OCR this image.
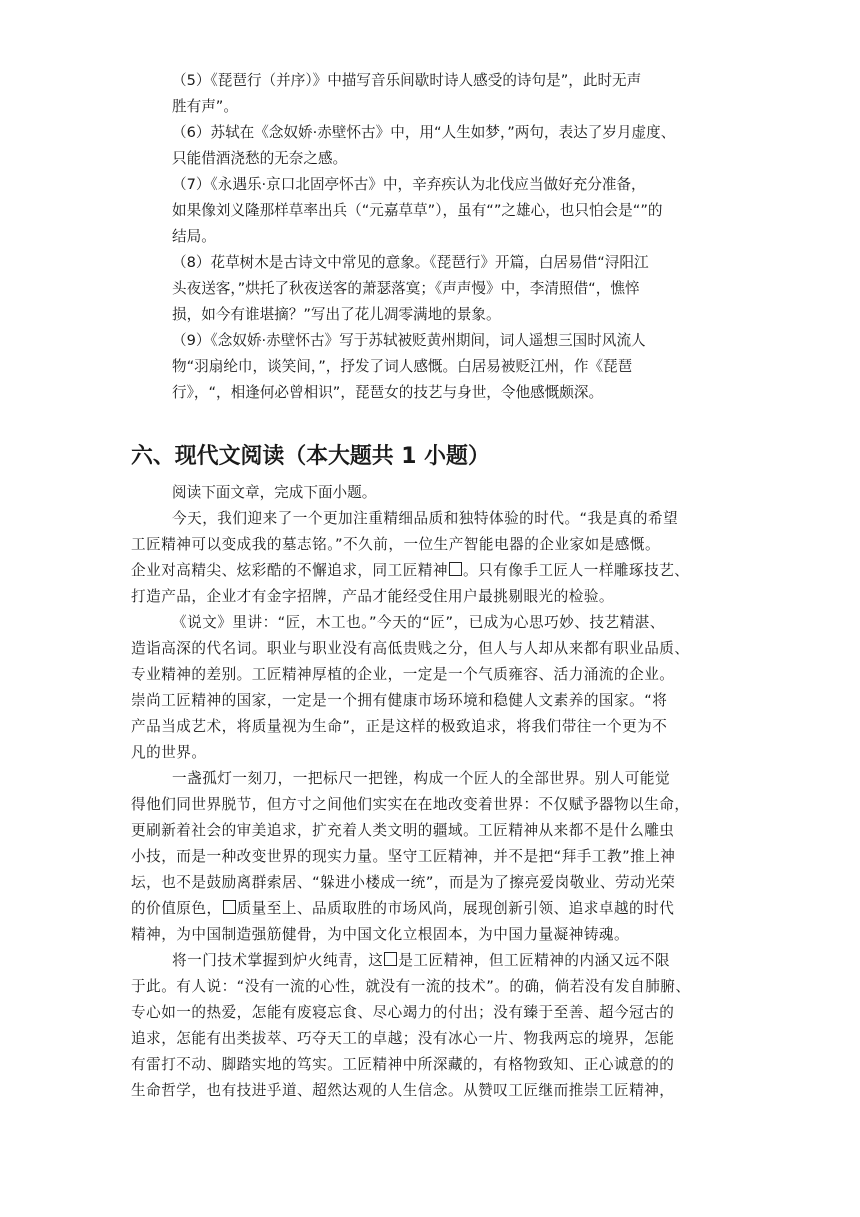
（5）《琵琶行（并序）》中描写音乐间歇时诗人感受的诗句是”，此时无声

胜有声”。

（6）苏轼在《念奴娇·赤壁怀古》中，用“人生如梦，”两句，表达了岁月虚度、

只能借酒浇愁的无奈之感。

（7）《永遇乐·京口北固亭怀古》中，辛弃疾认为北伐应当做好充分准备，

如果像刘义隆那样草率出兵（“元嘉草草”），虽有“”之雄心，也只怕会是“”的

结局。

（8）花草树木是古诗文中常见的意象。《琵琶行》开篇，白居易借“浔阳江

头夜送客，”烘托了秋夜送客的萧瑟落寞；《声声慢》中，李清照借“，憔悴

损，如今有谁堪摘？”写出了花儿凋零满地的景象。

（9）《念奴娇·赤壁怀古》写于苏轼被贬黄州期间，词人遥想三国时风流人

物“羽扇纶巾，谈笑间，”，抒发了词人感慨。白居易被贬江州，作《琵琶

行》，“，相逢何必曾相识”，琵琶女的技艺与身世，令他感慨颇深。

六、现代文阅读（本大题共 1 小题）

阅读下面文章，完成下面小题。

今天，我们迎来了一个更加注重精细品质和独特体验的时代。“我是真的希望

工匠精神可以变成我的墓志铭。”不久前，一位生产智能电器的企业家如是感慨。

企业对高精尖、炫彩酷的不懈追求，同工匠精神 。只有像手工匠人一样雕琢技艺、

打造产品，企业才有金字招牌，产品才能经受住用户最挑剔眼光的检验。

《说文》里讲：“匠，木工也。”今天的“匠”，已成为心思巧妙、技艺精湛、

造诣高深的代名词。职业与职业没有高低贵贱之分，但人与人却从来都有职业品质、

专业精神的差别。工匠精神厚植的企业，一定是一个气质雍容、活力涌流的企业。

崇尚工匠精神的国家，一定是一个拥有健康市场环境和稳健人文素养的国家。“将

产品当成艺术，将质量视为生命”，正是这样的极致追求，将我们带往一个更为不

凡的世界。

一盏孤灯一刻刀，一把标尺一把锉，构成一个匠人的全部世界。别人可能觉

得他们同世界脱节，但方寸之间他们实实在在地改变着世界：不仅赋予器物以生命，

更刷新着社会的审美追求，扩充着人类文明的疆域。工匠精神从来都不是什么雕虫

小技，而是一种改变世界的现实力量。坚守工匠精神，并不是把“拜手工教”推上神

坛，也不是鼓励离群索居、“躲进小楼成一统”，而是为了擦亮爱岗敬业、劳动光荣

的价值原色， 质量至上、品质取胜的市场风尚，展现创新引领、追求卓越的时代

精神，为中国制造强筋健骨，为中国文化立根固本，为中国力量凝神铸魂。

将一门技术掌握到炉火纯青，这 是工匠精神，但工匠精神的内涵又远不限

于此。有人说：“没有一流的心性，就没有一流的技术”。的确，倘若没有发自肺腑、

专心如一的热爱，怎能有废寝忘食、尽心竭力的付出；没有臻于至善、超今冠古的

追求，怎能有出类拔萃、巧夺天工的卓越；没有冰心一片、物我两忘的境界，怎能

有雷打不动、脚踏实地的笃实。工匠精神中所深藏的，有格物致知、正心诚意的的

生命哲学，也有技进乎道、超然达观的人生信念。从赞叹工匠继而推崇工匠精神，
